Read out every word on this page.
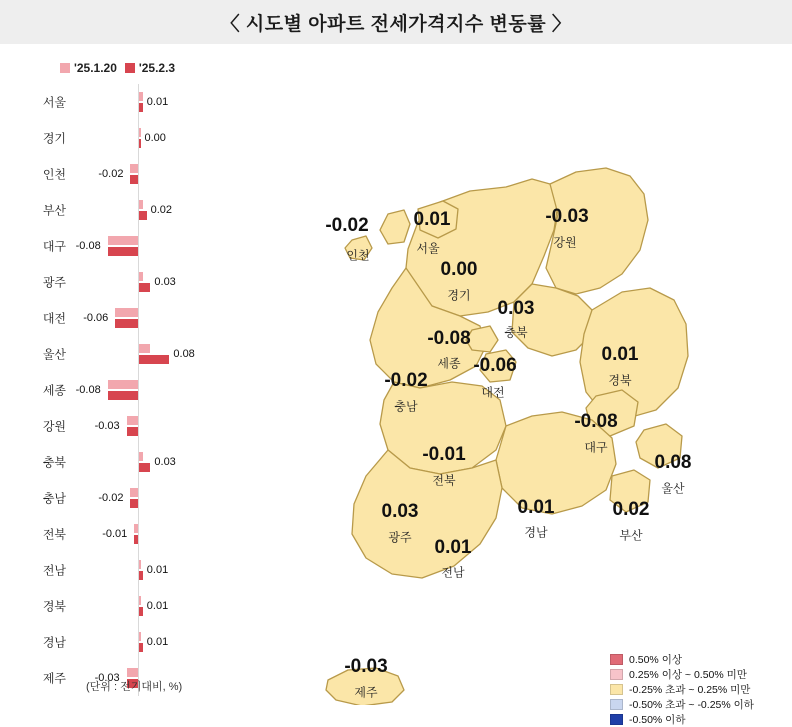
〈 시도별 아파트 전세가격지수 변동률 〉
'25.1.20 '25.2.3
서울	0.01
경기	0.00
인천	-0.02
부산	0.02
대구 -0.08
광주	0.03
대전 -0.06
울산	0.08
세종 -0.08
강원	-0.03
충북	0.03
충남	-0.02
전북	-0.01
전남	0.01
경북	0.01
경남	0.01
제주	-0.03
(단위 : 전기대비, %)
-0.02
인천
0.01
서울
-0.03
강원
0.00
경기
0.03
충북
-0.08
세종 -0.06
대전
0.01
경북
-0.02
충남
-0.08
대구
-0.01
전북
0.08
울산
0.03
광주
0.01
경남
0.02
부산
0.01
전남
-0.03
제주
0.50% 이상
0.25% 이상 ~ 0.50% 미만
-0.25% 초과 ~ 0.25% 미만
-0.50% 초과 ~ -0.25% 이하
-0.50% 이하
